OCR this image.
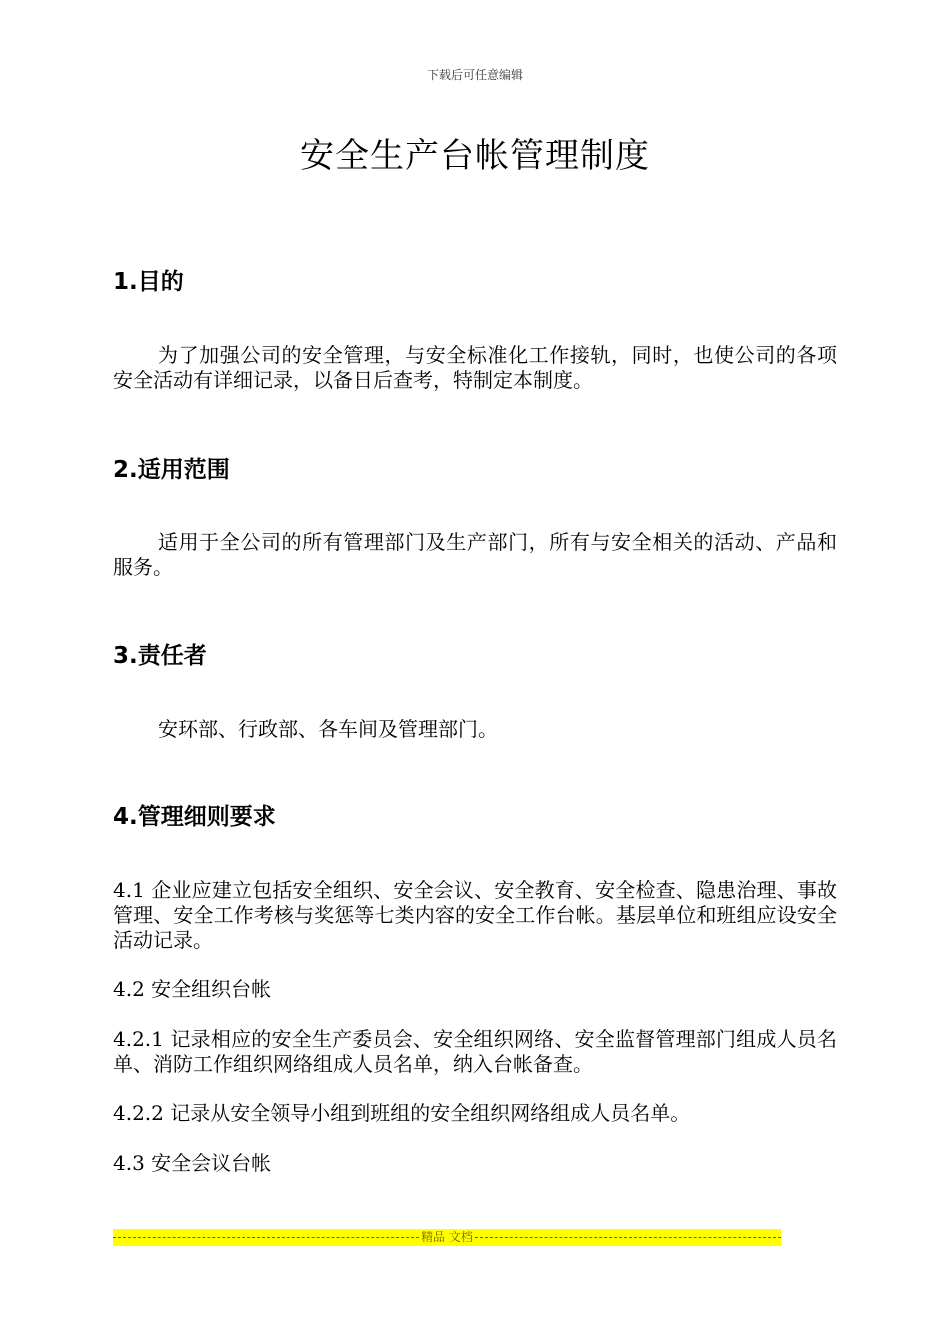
下载后可任意编辑
安全生产台帐管理制度
1.目的
为了加强公司的安全管理，与安全标准化工作接轨，同时，也使公司的各项安全活动有详细记录，以备日后查考，特制定本制度。
2.适用范围
适用于全公司的所有管理部门及生产部门，所有与安全相关的活动、产品和服务。
3.责任者
安环部、行政部、各车间及管理部门。
4.管理细则要求
4.1 企业应建立包括安全组织、安全会议、安全教育、安全检查、隐患治理、事故管理、安全工作考核与奖惩等七类内容的安全工作台帐。基层单位和班组应设安全活动记录。
4.2 安全组织台帐
4.2.1 记录相应的安全生产委员会、安全组织网络、安全监督管理部门组成人员名单、消防工作组织网络组成人员名单，纳入台帐备查。
4.2.2 记录从安全领导小组到班组的安全组织网络组成人员名单。
4.3 安全会议台帐
精品 文档
